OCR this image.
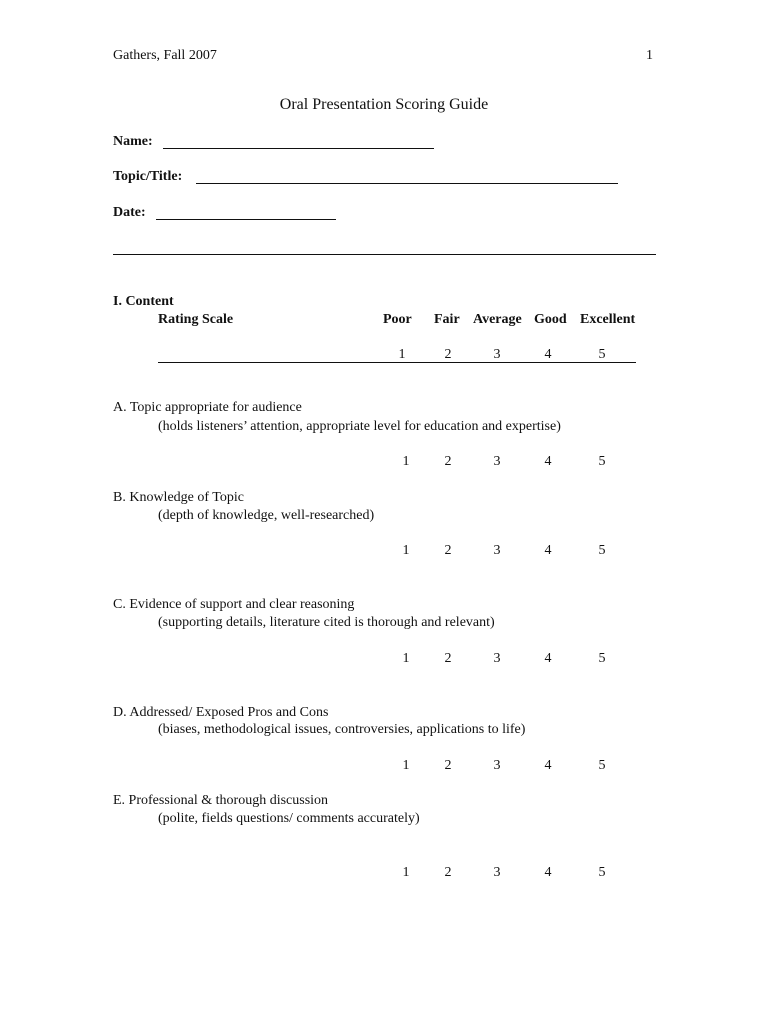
Gathers, Fall 2007	1
Oral Presentation Scoring Guide
Name:
Topic/Title:
Date:
I. Content
Rating Scale	Poor Fair Average Good Excellent
1	2	3	4	5
A. Topic appropriate for audience
(holds listeners’ attention, appropriate level for education and expertise)
1	2	3	4	5
B. Knowledge of Topic
(depth of knowledge, well-researched)
1	2	3	4	5
C. Evidence of support and clear reasoning
(supporting details, literature cited is thorough and relevant)
1	2	3	4	5
D. Addressed/ Exposed Pros and Cons
(biases, methodological issues, controversies, applications to life)
1	2	3	4	5
E. Professional & thorough discussion
(polite, fields questions/ comments accurately)
1	2	3	4	5
